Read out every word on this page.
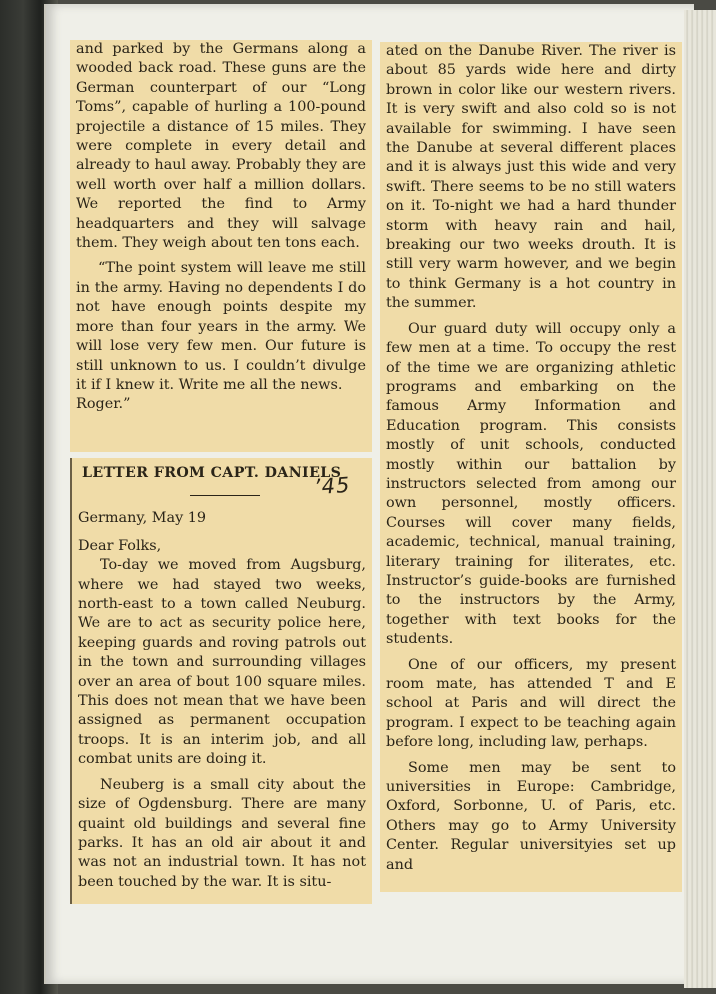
and parked by the Germans along a wooded back road. These guns are the German counterpart of our “Long Toms”, capable of hurling a 100-pound projectile a distance of 15 miles. They were complete in every detail and already to haul away. Probably they are well worth over half a million dollars. We reported the find to Army headquarters and they will salvage them. They weigh about ten tons each.

“The point system will leave me still in the army. Having no dependents I do not have enough points despite my more than four years in the army. We will lose very few men. Our future is still unknown to us. I couldn’t divulge it if I knew it. Write me all the news.

Roger.”

LETTER FROM CAPT. DANIELS
’45

Germany, May 19

Dear Folks,

To-day we moved from Augsburg, where we had stayed two weeks, north-east to a town called Neuburg. We are to act as security police here, keeping guards and roving patrols out in the town and surrounding villages over an area of bout 100 square miles. This does not mean that we have been assigned as permanent occupation troops. It is an interim job, and all combat units are doing it.

Neuberg is a small city about the size of Ogdensburg. There are many quaint old buildings and several fine parks. It has an old air about it and was not an industrial town. It has not been touched by the war. It is situ-

ated on the Danube River. The river is about 85 yards wide here and dirty brown in color like our western rivers. It is very swift and also cold so is not available for swimming. I have seen the Danube at several different places and it is always just this wide and very swift. There seems to be no still waters on it. To-night we had a hard thunder storm with heavy rain and hail, breaking our two weeks drouth. It is still very warm however, and we begin to think Germany is a hot country in the summer.

Our guard duty will occupy only a few men at a time. To occupy the rest of the time we are organizing athletic programs and embarking on the famous Army Information and Education program. This consists mostly of unit schools, conducted mostly within our battalion by instructors selected from among our own personnel, mostly officers. Courses will cover many fields, academic, technical, manual training, literary training for iliterates, etc. Instructor’s guide-books are furnished to the instructors by the Army, together with text books for the students.

One of our officers, my present room mate, has attended T and E school at Paris and will direct the program. I expect to be teaching again before long, including law, perhaps.

Some men may be sent to universities in Europe: Cambridge, Oxford, Sorbonne, U. of Paris, etc. Others may go to Army University Center. Regular universityies set up and
